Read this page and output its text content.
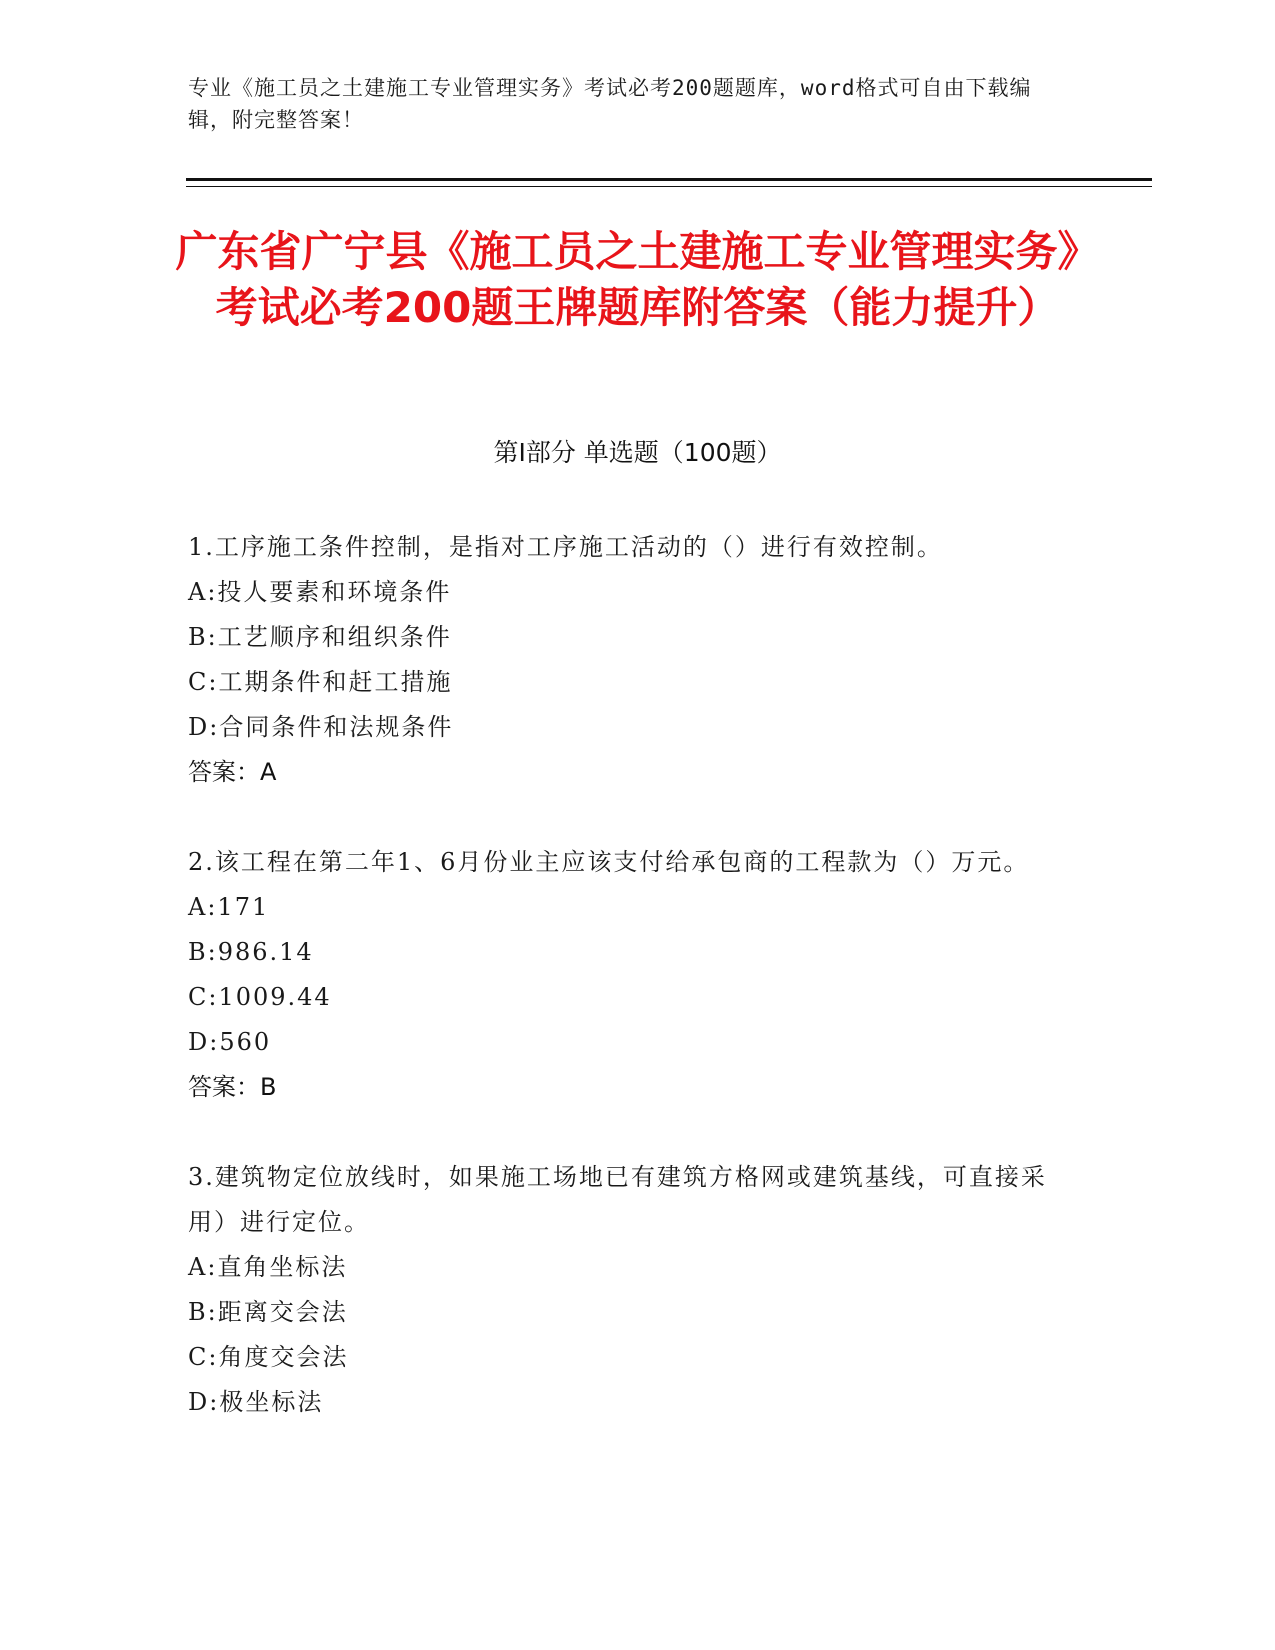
专业《施工员之土建施工专业管理实务》考试必考200题题库，word格式可自由下载编辑，附完整答案！
广东省广宁县《施工员之土建施工专业管理实务》考试必考200题王牌题库附答案（能力提升）
第I部分 单选题（100题）
1.工序施工条件控制，是指对工序施工活动的（）进行有效控制。
A:投人要素和环境条件
B:工艺顺序和组织条件
C:工期条件和赶工措施
D:合同条件和法规条件
答案：A
2.该工程在第二年1、6月份业主应该支付给承包商的工程款为（）万元。
A:171
B:986.14
C:1009.44
D:560
答案：B
3.建筑物定位放线时，如果施工场地已有建筑方格网或建筑基线，可直接采用）进行定位。
A:直角坐标法
B:距离交会法
C:角度交会法
D:极坐标法
